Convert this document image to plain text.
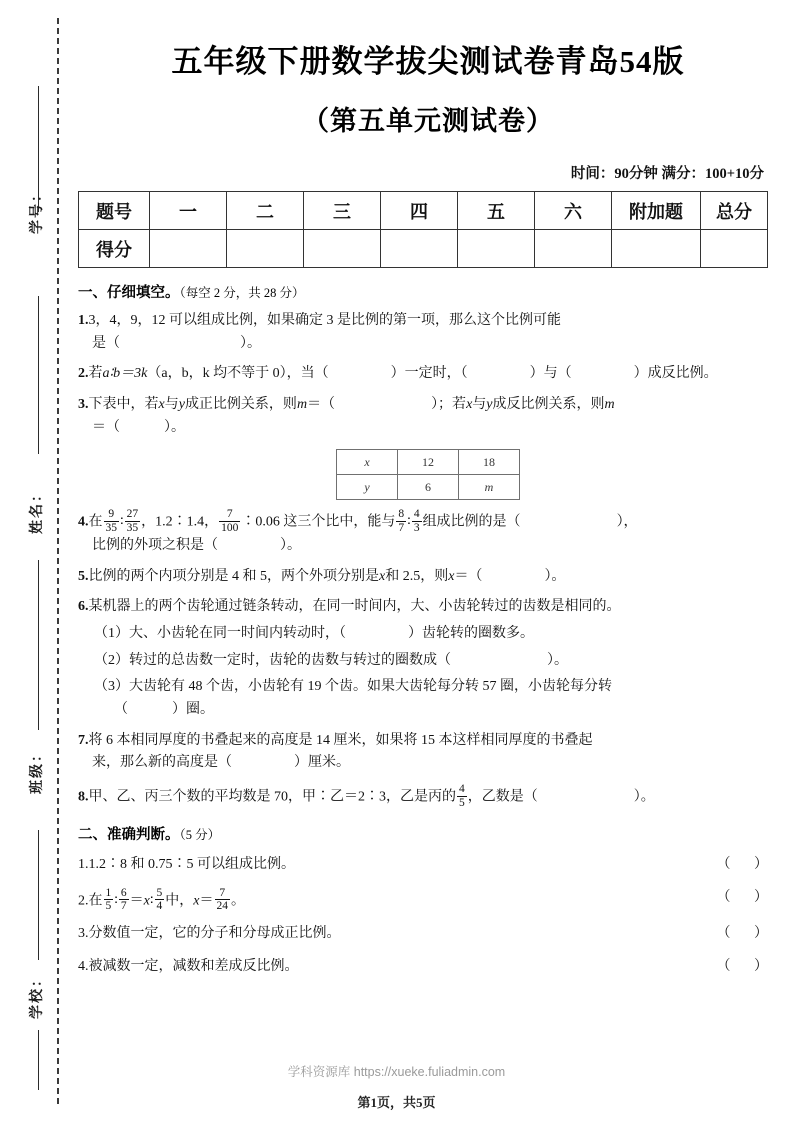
学号：
姓名：
班级：
学校：
五年级下册数学拔尖测试卷青岛54版
（第五单元测试卷）
时间：90分钟 满分：100+10分
题号	一	二	三	四	五	六	附加题	总分
得分								
一、仔细填空。（每空 2 分，共 28 分）
1.3，4，9，12 可以组成比例，如果确定 3 是比例的第一项，那么这个比例可能
是（	）。
2.若a∶b＝3k（a，b，k 均不等于 0），当（	）一定时，（	）与（	）成反比例。
3.下表中，若x与y成正比例关系，则m＝（	）；若x与y成反比例关系，则m
＝（	）。
x	12	18
y	6	m
4.在 $\frac{9}{35}$ ∶ $\frac{27}{35}$ ，1.2∶1.4， $\frac{7}{100}$ ∶0.06 这三个比中，能与 $\frac{8}{7}$ ∶ $\frac{4}{3}$ 组成比例的是（	），
比例的外项之积是（	）。
5.比例的两个内项分别是 4 和 5，两个外项分别是x和 2.5，则x＝（	）。
6.某机器上的两个齿轮通过链条转动，在同一时间内，大、小齿轮转过的齿数是相同的。
（1）大、小齿轮在同一时间内转动时，（	）齿轮转的圈数多。
（2）转过的总齿数一定时，齿轮的齿数与转过的圈数成（	）。
（3）大齿轮有 48 个齿，小齿轮有 19 个齿。如果大齿轮每分转 57 圈，小齿轮每分转
（	）圈。
7.将 6 本相同厚度的书叠起来的高度是 14 厘米，如果将 15 本这样相同厚度的书叠起
来，那么新的高度是（	）厘米。
8.甲、乙、丙三个数的平均数是 70，甲∶乙＝2∶3，乙是丙的 $\frac{4}{5}$ ，乙数是（	）。
二、准确判断。（5 分）
1.1.2∶8 和 0.75∶5 可以组成比例。	（ ）
2.在 $\frac{1}{5}$ ∶ $\frac{6}{7}$ ＝x∶ $\frac{5}{4}$ 中，$x= \frac{7}{24}$ 。	（ ）
3.分数值一定，它的分子和分母成正比例。	（ ）
4.被减数一定，减数和差成反比例。	（ ）
学科资源库 https://xueke.fuliadmin.com
第1页，共5页
